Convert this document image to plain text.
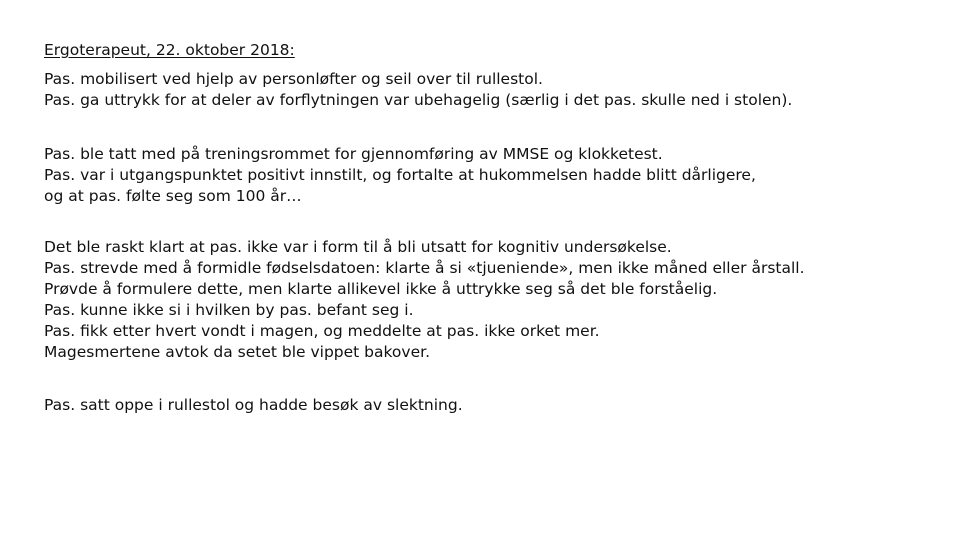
Ergoterapeut, 22. oktober 2018:

Pas. mobilisert ved hjelp av personløfter og seil over til rullestol.
Pas. ga uttrykk for at deler av forflytningen var ubehagelig (særlig i det pas. skulle ned i stolen).

Pas. ble tatt med på treningsrommet for gjennomføring av MMSE og klokketest.
Pas. var i utgangspunktet positivt innstilt, og fortalte at hukommelsen hadde blitt dårligere,
og at pas. følte seg som 100 år…

Det ble raskt klart at pas. ikke var i form til å bli utsatt for kognitiv undersøkelse.
Pas. strevde med å formidle fødselsdatoen: klarte å si «tjueniende», men ikke måned eller årstall.
Prøvde å formulere dette, men klarte allikevel ikke å uttrykke seg så det ble forståelig.
Pas. kunne ikke si i hvilken by pas. befant seg i.
Pas. fikk etter hvert vondt i magen, og meddelte at pas. ikke orket mer.
Magesmertene avtok da setet ble vippet bakover.

Pas. satt oppe i rullestol og hadde besøk av slektning.
